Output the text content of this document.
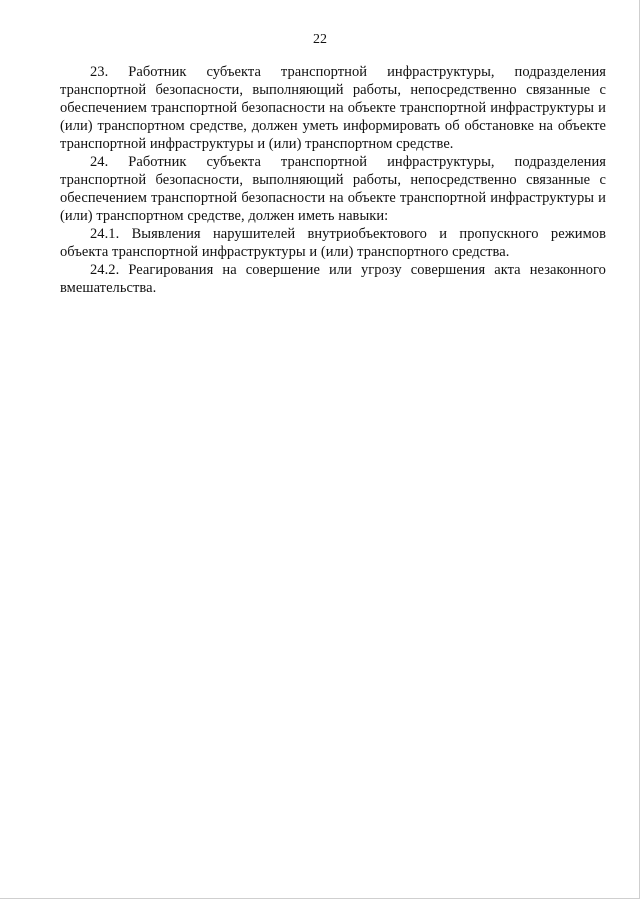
22

23. Работник субъекта транспортной инфраструктуры, подразделения транспортной безопасности, выполняющий работы, непосредственно связанные с обеспечением транспортной безопасности на объекте транспортной инфраструктуры и (или) транспортном средстве, должен уметь информировать об обстановке на объекте транспортной инфраструктуры и (или) транспортном средстве.

24. Работник субъекта транспортной инфраструктуры, подразделения транспортной безопасности, выполняющий работы, непосредственно связанные с обеспечением транспортной безопасности на объекте транспортной инфраструктуры и (или) транспортном средстве, должен иметь навыки:

24.1. Выявления нарушителей внутриобъектового и пропускного режимов объекта транспортной инфраструктуры и (или) транспортного средства.

24.2. Реагирования на совершение или угрозу совершения акта незаконного вмешательства.
